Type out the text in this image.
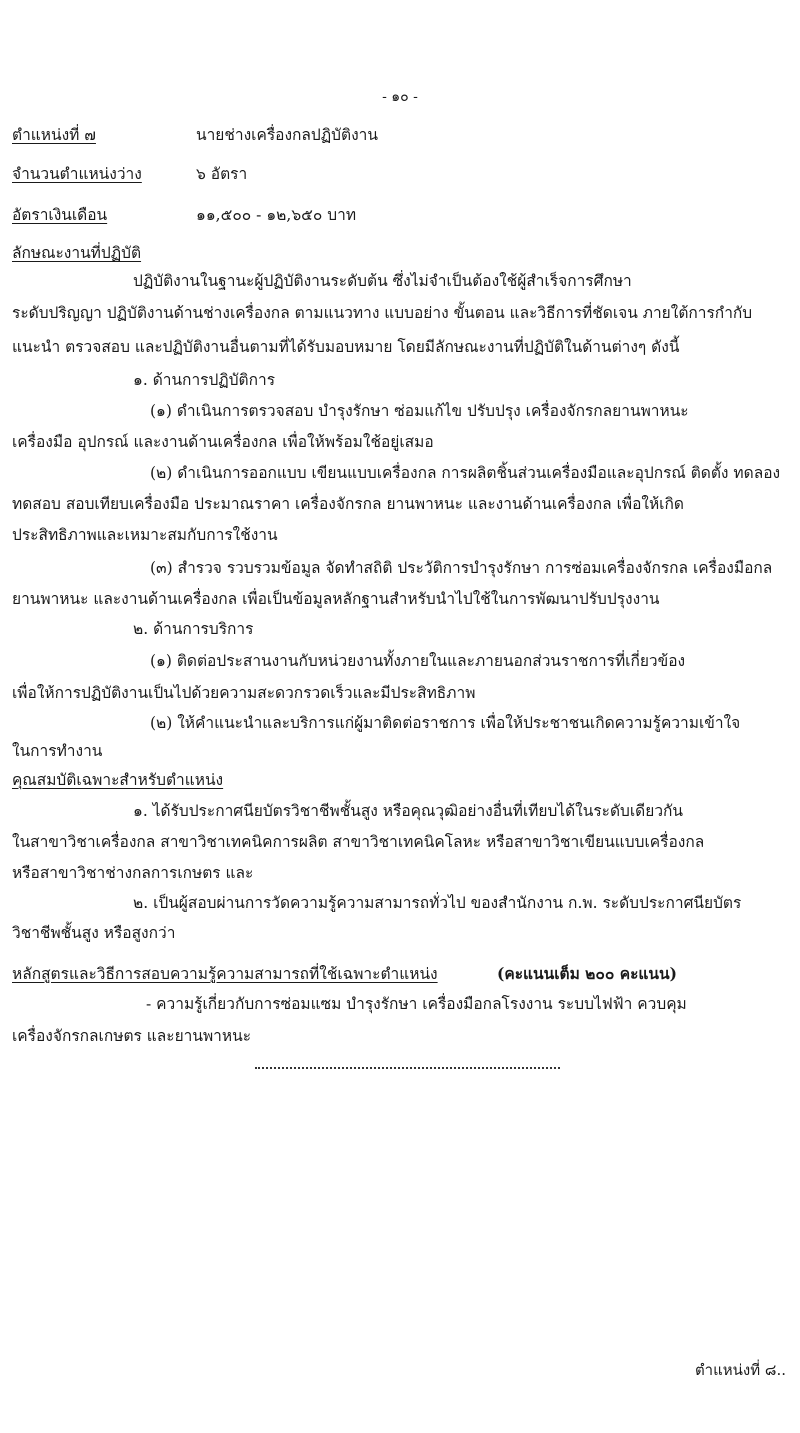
- ๑๐ -
ตำแหน่งที่ ๗	นายช่างเครื่องกลปฏิบัติงาน
จำนวนตำแหน่งว่าง	๖ อัตรา
อัตราเงินเดือน	๑๑,๕๐๐ - ๑๒,๖๕๐ บาท
ลักษณะงานที่ปฏิบัติ
ปฏิบัติงานในฐานะผู้ปฏิบัติงานระดับต้น ซึ่งไม่จำเป็นต้องใช้ผู้สำเร็จการศึกษา
ระดับปริญญา ปฏิบัติงานด้านช่างเครื่องกล ตามแนวทาง แบบอย่าง ขั้นตอน และวิธีการที่ชัดเจน ภายใต้การกำกับ
แนะนำ ตรวจสอบ และปฏิบัติงานอื่นตามที่ได้รับมอบหมาย โดยมีลักษณะงานที่ปฏิบัติในด้านต่างๆ ดังนี้
๑. ด้านการปฏิบัติการ
(๑) ดำเนินการตรวจสอบ บำรุงรักษา ซ่อมแก้ไข ปรับปรุง เครื่องจักรกลยานพาหนะ
เครื่องมือ อุปกรณ์ และงานด้านเครื่องกล เพื่อให้พร้อมใช้อยู่เสมอ
(๒) ดำเนินการออกแบบ เขียนแบบเครื่องกล การผลิตชิ้นส่วนเครื่องมือและอุปกรณ์ ติดตั้ง ทดลอง
ทดสอบ สอบเทียบเครื่องมือ ประมาณราคา เครื่องจักรกล ยานพาหนะ และงานด้านเครื่องกล เพื่อให้เกิด
ประสิทธิภาพและเหมาะสมกับการใช้งาน
(๓) สำรวจ รวบรวมข้อมูล จัดทำสถิติ ประวัติการบำรุงรักษา การซ่อมเครื่องจักรกล เครื่องมือกล
ยานพาหนะ และงานด้านเครื่องกล เพื่อเป็นข้อมูลหลักฐานสำหรับนำไปใช้ในการพัฒนาปรับปรุงงาน
๒. ด้านการบริการ
(๑) ติดต่อประสานงานกับหน่วยงานทั้งภายในและภายนอกส่วนราชการที่เกี่ยวข้อง
เพื่อให้การปฏิบัติงานเป็นไปด้วยความสะดวกรวดเร็วและมีประสิทธิภาพ
(๒) ให้คำแนะนำและบริการแก่ผู้มาติดต่อราชการ เพื่อให้ประชาชนเกิดความรู้ความเข้าใจ
ในการทำงาน
คุณสมบัติเฉพาะสำหรับตำแหน่ง
๑. ได้รับประกาศนียบัตรวิชาชีพชั้นสูง หรือคุณวุฒิอย่างอื่นที่เทียบได้ในระดับเดียวกัน
ในสาขาวิชาเครื่องกล สาขาวิชาเทคนิคการผลิต สาขาวิชาเทคนิคโลหะ หรือสาขาวิชาเขียนแบบเครื่องกล
หรือสาขาวิชาช่างกลการเกษตร และ
๒. เป็นผู้สอบผ่านการวัดความรู้ความสามารถทั่วไป ของสำนักงาน ก.พ. ระดับประกาศนียบัตร
วิชาชีพชั้นสูง หรือสูงกว่า
หลักสูตรและวิธีการสอบความรู้ความสามารถที่ใช้เฉพาะตำแหน่ง	(คะแนนเต็ม ๒๐๐ คะแนน)
- ความรู้เกี่ยวกับการซ่อมแซม บำรุงรักษา เครื่องมือกลโรงงาน ระบบไฟฟ้า ควบคุม
เครื่องจักรกลเกษตร และยานพาหนะ
ตำแหน่งที่ ๘..
